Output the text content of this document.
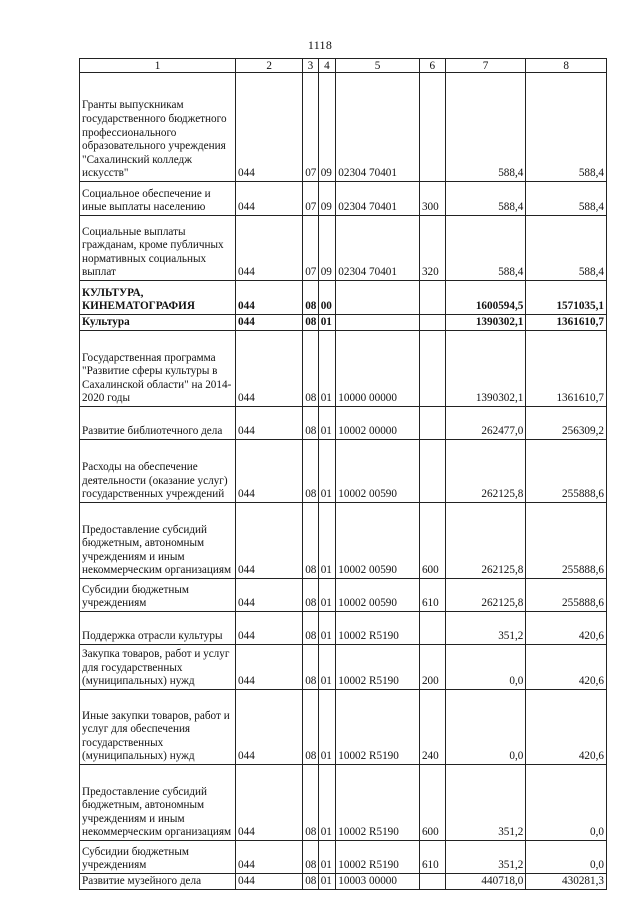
1118
1	2	3	4	5	6	7	8
Гранты выпускникам государственного бюджетного профессионального образовательного учреждения "Сахалинский колледж искусств"	044	07	09	02304 70401		588,4	588,4
Социальное обеспечение и иные выплаты населению	044	07	09	02304 70401	300	588,4	588,4
Социальные выплаты гражданам, кроме публичных нормативных социальных выплат	044	07	09	02304 70401	320	588,4	588,4
КУЛЬТУРА, КИНЕМАТОГРАФИЯ	044	08	00			1600594,5	1571035,1
Культура	044	08	01			1390302,1	1361610,7
Государственная программа "Развитие сферы культуры в Сахалинской области" на 2014-2020 годы	044	08	01	10000 00000		1390302,1	1361610,7
Развитие библиотечного дела	044	08	01	10002 00000		262477,0	256309,2
Расходы на обеспечение деятельности (оказание услуг) государственных учреждений	044	08	01	10002 00590		262125,8	255888,6
Предоставление субсидий бюджетным, автономным учреждениям и иным некоммерческим организациям	044	08	01	10002 00590	600	262125,8	255888,6
Субсидии бюджетным учреждениям	044	08	01	10002 00590	610	262125,8	255888,6
Поддержка отрасли культуры	044	08	01	10002 R5190		351,2	420,6
Закупка товаров, работ и услуг для государственных (муниципальных) нужд	044	08	01	10002 R5190	200	0,0	420,6
Иные закупки товаров, работ и услуг для обеспечения государственных (муниципальных) нужд	044	08	01	10002 R5190	240	0,0	420,6
Предоставление субсидий бюджетным, автономным учреждениям и иным некоммерческим организациям	044	08	01	10002 R5190	600	351,2	0,0
Субсидии бюджетным учреждениям	044	08	01	10002 R5190	610	351,2	0,0
Развитие музейного дела	044	08	01	10003 00000		440718,0	430281,3
